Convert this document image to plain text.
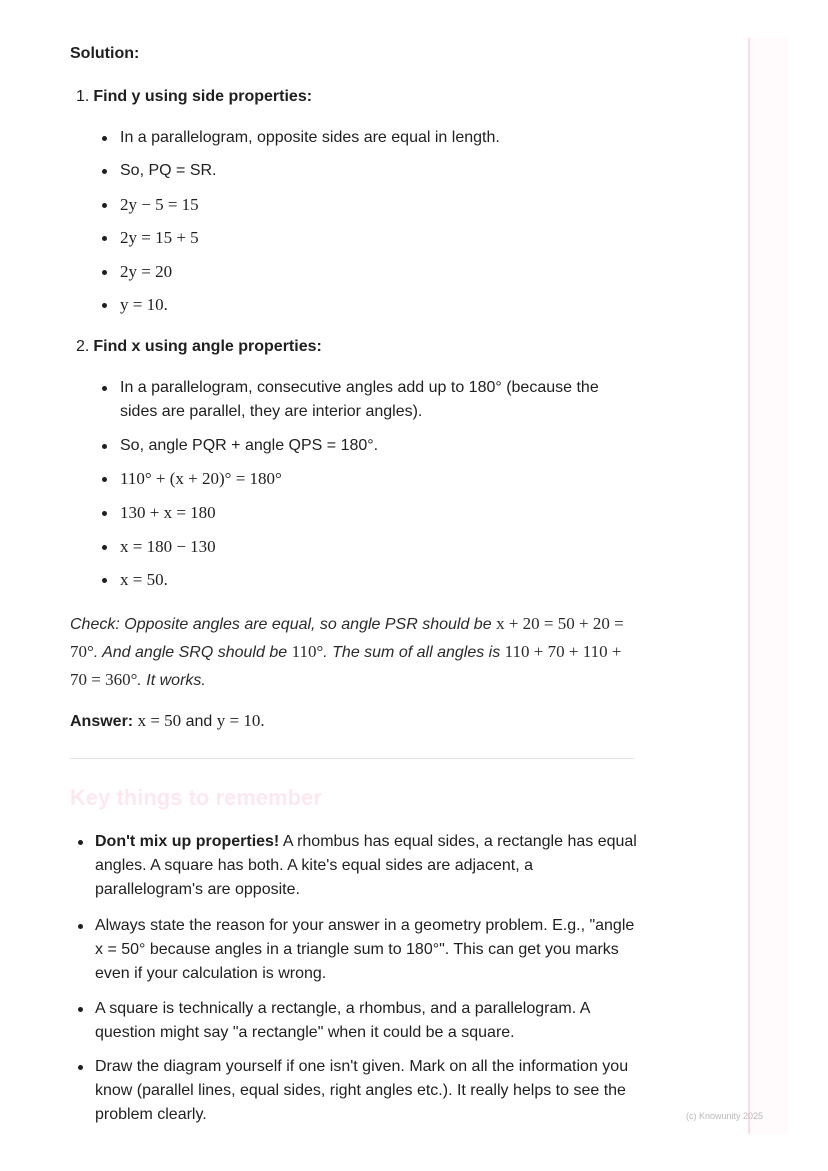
Solution:

1. Find y using side properties:
In a parallelogram, opposite sides are equal in length.
So, PQ = SR.
2y − 5 = 15
2y = 15 + 5
2y = 20
y = 10.
2. Find x using angle properties:
In a parallelogram, consecutive angles add up to 180° (because the sides are parallel, they are interior angles).
So, angle PQR + angle QPS = 180°.
110° + (x + 20)° = 180°
130 + x = 180
x = 180 − 130
x = 50.
Check: Opposite angles are equal, so angle PSR should be x + 20 = 50 + 20 = 70°. And angle SRQ should be 110°. The sum of all angles is 110 + 70 + 110 + 70 = 360°. It works.
Answer: x = 50 and y = 10.
Key things to remember
Don't mix up properties! A rhombus has equal sides, a rectangle has equal angles. A square has both. A kite's equal sides are adjacent, a parallelogram's are opposite.
Always state the reason for your answer in a geometry problem. E.g., "angle x = 50° because angles in a triangle sum to 180°". This can get you marks even if your calculation is wrong.
A square is technically a rectangle, a rhombus, and a parallelogram. A question might say "a rectangle" when it could be a square.
Draw the diagram yourself if one isn't given. Mark on all the information you know (parallel lines, equal sides, right angles etc.). It really helps to see the problem clearly.	(c) Knowunity 2025
